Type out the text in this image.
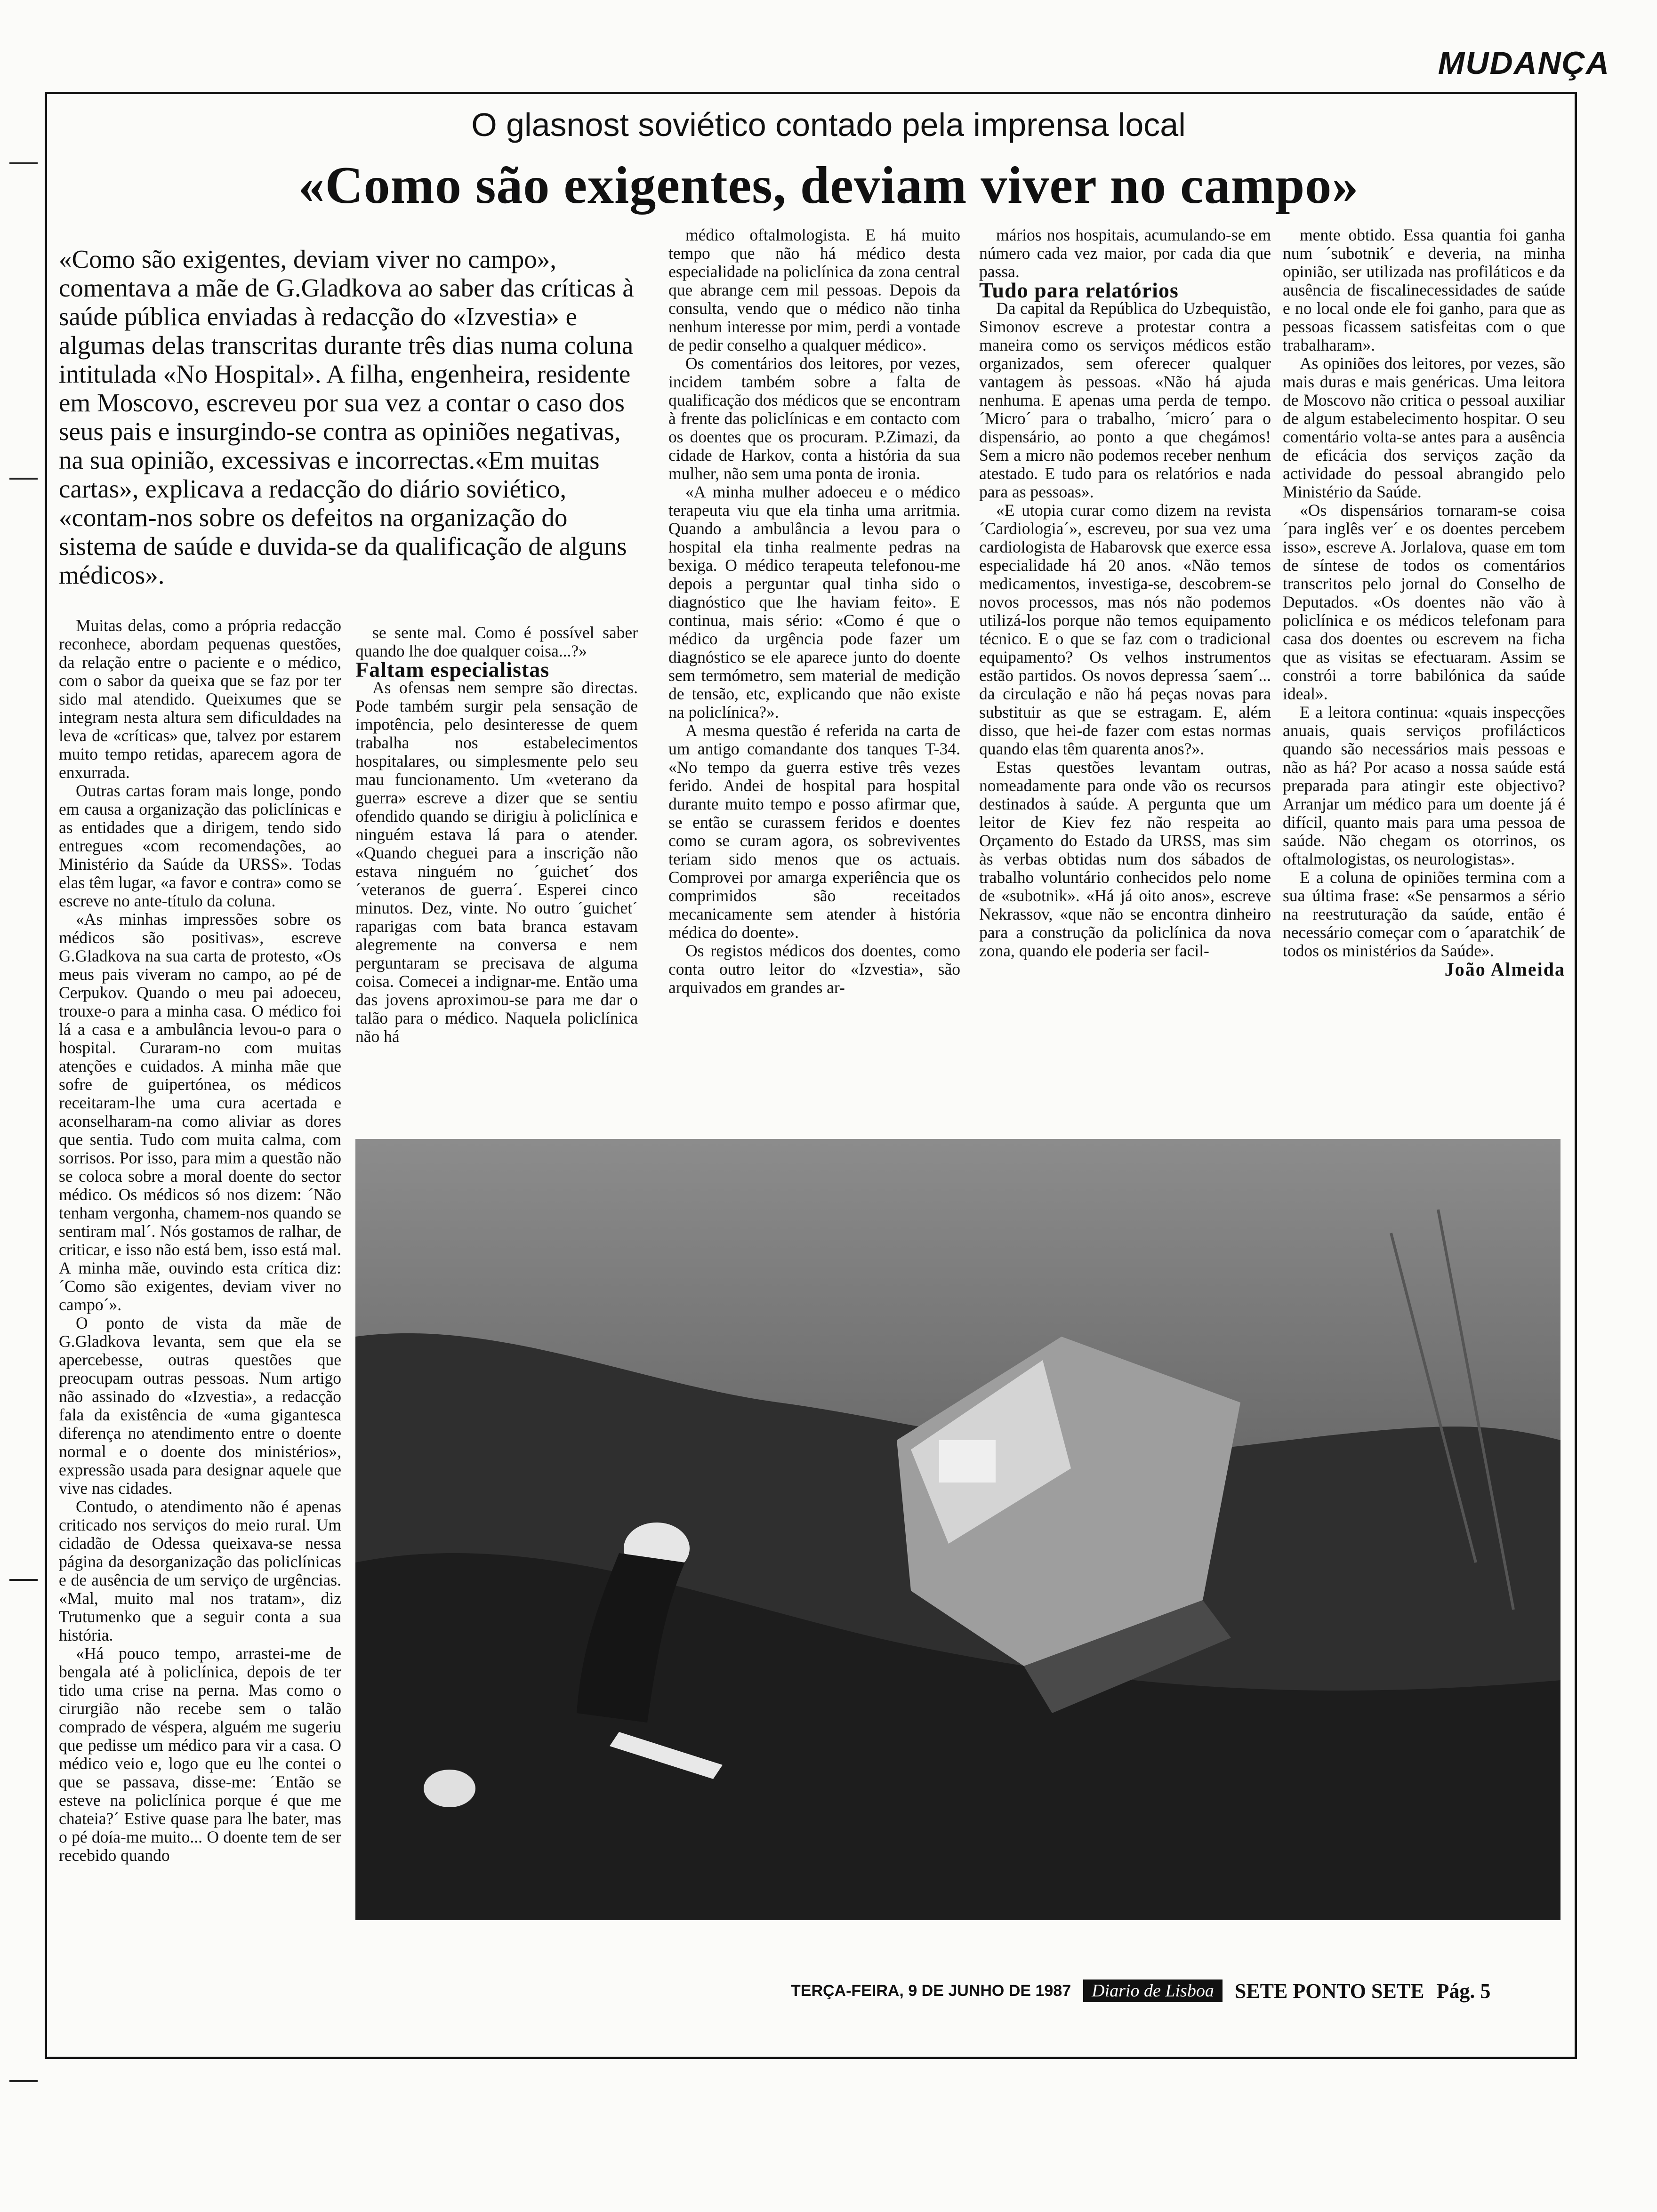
MUDANÇA
O glasnost soviético contado pela imprensa local
«Como são exigentes, deviam viver no campo»
«Como são exigentes, deviam viver no campo», comentava a mãe de G.Gladkova ao saber das críticas à saúde pública enviadas à redacção do «Izvestia» e algumas delas transcritas durante três dias numa coluna intitulada «No Hospital». A filha, engenheira, residente em Moscovo, escreveu por sua vez a contar o caso dos seus pais e insurgindo-se contra as opiniões negativas, na sua opinião, excessivas e incorrectas.«Em muitas cartas», explicava a redacção do diário soviético, «contam-nos sobre os defeitos na organização do sistema de saúde e duvida-se da qualificação de alguns médicos».

Muitas delas, como a própria redacção reconhece, abordam pequenas questões, da relação entre o paciente e o médico, com o sabor da queixa que se faz por ter sido mal atendido. Queixumes que se integram nesta altura sem dificuldades na leva de «críticas» que, talvez por estarem muito tempo retidas, aparecem agora de enxurrada.

Outras cartas foram mais longe, pondo em causa a organização das policlínicas e as entidades que a dirigem, tendo sido entregues «com recomendações, ao Ministério da Saúde da URSS». Todas elas têm lugar, «a favor e contra» como se escreve no ante-título da coluna.

«As minhas impressões sobre os médicos são positivas», escreve G.Gladkova na sua carta de protesto, «Os meus pais viveram no campo, ao pé de Cerpukov. Quando o meu pai adoeceu, trouxe-o para a minha casa. O médico foi lá a casa e a ambulância levou-o para o hospital. Curaram-no com muitas atenções e cuidados. A minha mãe que sofre de guipertónea, os médicos receitaram-lhe uma cura acertada e aconselharam-na como aliviar as dores que sentia. Tudo com muita calma, com sorrisos. Por isso, para mim a questão não se coloca sobre a moral doente do sector médico. Os médicos só nos dizem: ´Não tenham vergonha, chamem-nos quando se sentiram mal´. Nós gostamos de ralhar, de criticar, e isso não está bem, isso está mal. A minha mãe, ouvindo esta crítica diz: ´Como são exigentes, deviam viver no campo´».

O ponto de vista da mãe de G.Gladkova levanta, sem que ela se apercebesse, outras questões que preocupam outras pessoas. Num artigo não assinado do «Izvestia», a redacção fala da existência de «uma gigantesca diferença no atendimento entre o doente normal e o doente dos ministérios», expressão usada para designar aquele que vive nas cidades.

Contudo, o atendimento não é apenas criticado nos serviços do meio rural. Um cidadão de Odessa queixava-se nessa página da desorganização das policlínicas e de ausência de um serviço de urgências. «Mal, muito mal nos tratam», diz Trutumenko que a seguir conta a sua história.

«Há pouco tempo, arrastei-me de bengala até à policlínica, depois de ter tido uma crise na perna. Mas como o cirurgião não recebe sem o talão comprado de véspera, alguém me sugeriu que pedisse um médico para vir a casa. O médico veio e, logo que eu lhe contei o que se passava, disse-me: ´Então se esteve na policlínica porque é que me chateia?´ Estive quase para lhe bater, mas o pé doía-me muito... O doente tem de ser recebido quando

se sente mal. Como é possível saber quando lhe doe qualquer coisa...?»

Faltam especialistas

As ofensas nem sempre são directas. Pode também surgir pela sensação de impotência, pelo desinteresse de quem trabalha nos estabelecimentos hospitalares, ou simplesmente pelo seu mau funcionamento. Um «veterano da guerra» escreve a dizer que se sentiu ofendido quando se dirigiu à policlínica e ninguém estava lá para o atender. «Quando cheguei para a inscrição não estava ninguém no ´guichet´ dos ´veteranos de guerra´. Esperei cinco minutos. Dez, vinte. No outro ´guichet´ raparigas com bata branca estavam alegremente na conversa e nem perguntaram se precisava de alguma coisa. Comecei a indignar-me. Então uma das jovens aproximou-se para me dar o talão para o médico. Naquela policlínica não há

médico oftalmologista. E há muito tempo que não há médico desta especialidade na policlínica da zona central que abrange cem mil pessoas. Depois da consulta, vendo que o médico não tinha nenhum interesse por mim, perdi a vontade de pedir conselho a qualquer médico».

Os comentários dos leitores, por vezes, incidem também sobre a falta de qualificação dos médicos que se encontram à frente das policlínicas e em contacto com os doentes que os procuram. P.Zimazi, da cidade de Harkov, conta a história da sua mulher, não sem uma ponta de ironia.

«A minha mulher adoeceu e o médico terapeuta viu que ela tinha uma arritmia. Quando a ambulância a levou para o hospital ela tinha realmente pedras na bexiga. O médico terapeuta telefonou-me depois a perguntar qual tinha sido o diagnóstico que lhe haviam feito». E continua, mais sério: «Como é que o médico da urgência pode fazer um diagnóstico se ele aparece junto do doente sem termómetro, sem material de medição de tensão, etc, explicando que não existe na policlínica?».

A mesma questão é referida na carta de um antigo comandante dos tanques T-34. «No tempo da guerra estive três vezes ferido. Andei de hospital para hospital durante muito tempo e posso afirmar que, se então se curassem feridos e doentes como se curam agora, os sobreviventes teriam sido menos que os actuais. Comprovei por amarga experiência que os comprimidos são receitados mecanicamente sem atender à história médica do doente».

Os registos médicos dos doentes, como conta outro leitor do «Izvestia», são arquivados em grandes ar-

mários nos hospitais, acumulando-se em número cada vez maior, por cada dia que passa.

Tudo para relatórios

Da capital da República do Uzbequistão, Simonov escreve a protestar contra a maneira como os serviços médicos estão organizados, sem oferecer qualquer vantagem às pessoas. «Não há ajuda nenhuma. E apenas uma perda de tempo. ´Micro´ para o trabalho, ´micro´ para o dispensário, ao ponto a que chegámos! Sem a micro não podemos receber nenhum atestado. E tudo para os relatórios e nada para as pessoas».

«E utopia curar como dizem na revista ´Cardiologia´», escreveu, por sua vez uma cardiologista de Habarovsk que exerce essa especialidade há 20 anos. «Não temos medicamentos, investiga-se, descobrem-se novos processos, mas nós não podemos utilizá-los porque não temos equipamento técnico. E o que se faz com o tradicional equipamento? Os velhos instrumentos estão partidos. Os novos depressa ´saem´... da circulação e não há peças novas para substituir as que se estragam. E, além disso, que hei-de fazer com estas normas quando elas têm quarenta anos?».

Estas questões levantam outras, nomeadamente para onde vão os recursos destinados à saúde. A pergunta que um leitor de Kiev fez não respeita ao Orçamento do Estado da URSS, mas sim às verbas obtidas num dos sábados de trabalho voluntário conhecidos pelo nome de «subotnik». «Há já oito anos», escreve Nekrassov, «que não se encontra dinheiro para a construção da policlínica da nova zona, quando ele poderia ser facil-

mente obtido. Essa quantia foi ganha num ´subotnik´ e deveria, na minha opinião, ser utilizada nas profiláticos e da ausência de fiscalinecessidades de saúde e no local onde ele foi ganho, para que as pessoas ficassem satisfeitas com o que trabalharam».

As opiniões dos leitores, por vezes, são mais duras e mais genéricas. Uma leitora de Moscovo não critica o pessoal auxiliar de algum estabelecimento hospitar. O seu comentário volta-se antes para a ausência de eficácia dos serviços zação da actividade do pessoal abrangido pelo Ministério da Saúde.

«Os dispensários tornaram-se coisa ´para inglês ver´ e os doentes percebem isso», escreve A. Jorlalova, quase em tom de síntese de todos os comentários transcritos pelo jornal do Conselho de Deputados. «Os doentes não vão à policlínica e os médicos telefonam para casa dos doentes ou escrevem na ficha que as visitas se efectuaram. Assim se constrói a torre babilónica da saúde ideal».

E a leitora continua: «quais inspecções anuais, quais serviços profilácticos quando são necessários mais pessoas e não as há? Por acaso a nossa saúde está preparada para atingir este objectivo? Arranjar um médico para um doente já é difícil, quanto mais para uma pessoa de saúde. Não chegam os otorrinos, os oftalmologistas, os neurologistas».

E a coluna de opiniões termina com a sua última frase: «Se pensarmos a sério na reestruturação da saúde, então é necessário começar com o ´aparatchik´ de todos os ministérios da Saúde».

João Almeida

TERÇA-FEIRA, 9 DE JUNHO DE 1987	Diario de Lisboa	SETE PONTO SETE Pág. 5
